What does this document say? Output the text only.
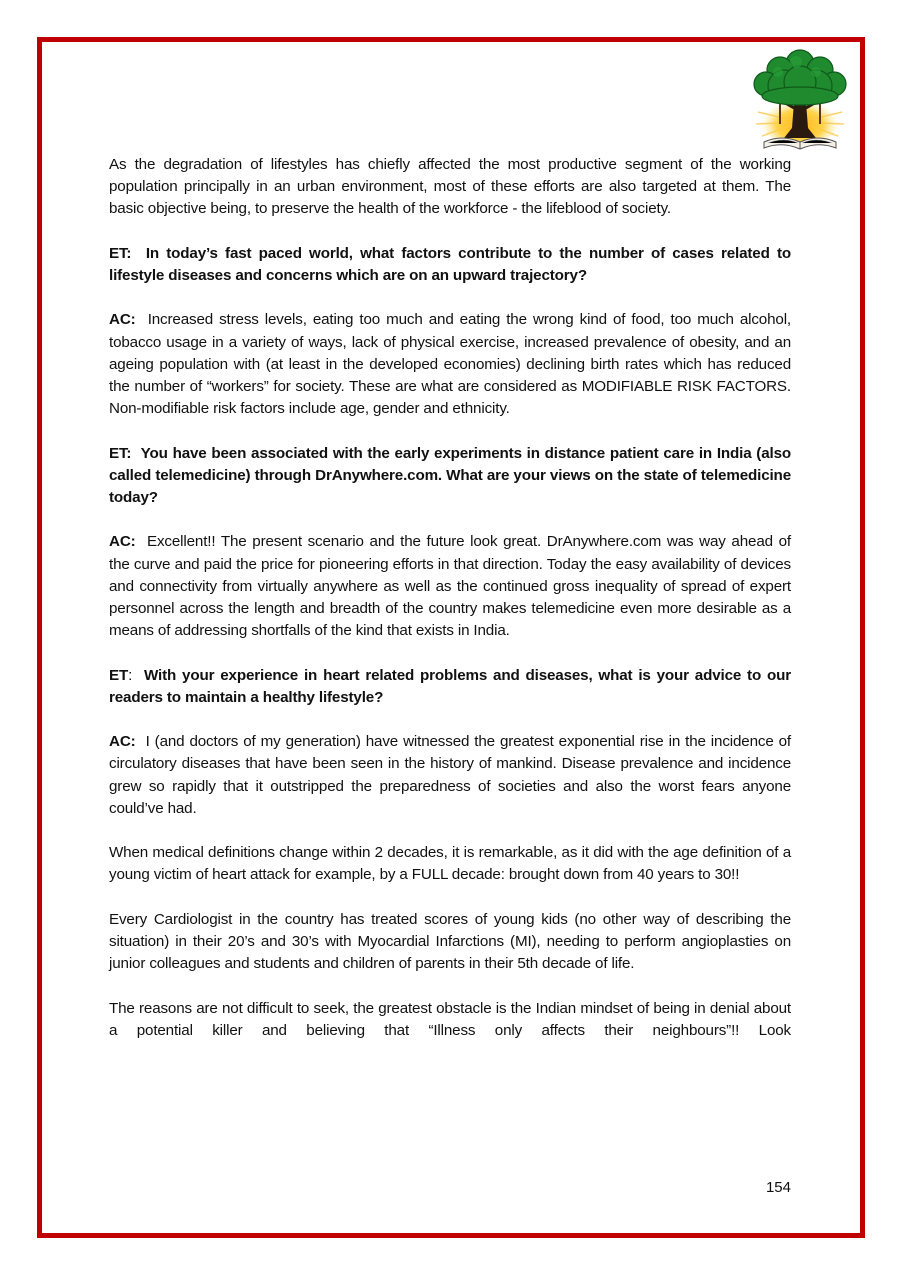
As the degradation of lifestyles has chiefly affected the most productive segment of the working population principally in an urban environment, most of these efforts are also targeted at them. The basic objective being, to preserve the health of the workforce - the lifeblood of society.

ET: In today’s fast paced world, what factors contribute to the number of cases related to lifestyle diseases and concerns which are on an upward trajectory?

AC: Increased stress levels, eating too much and eating the wrong kind of food, too much alcohol, tobacco usage in a variety of ways, lack of physical exercise, increased prevalence of obesity, and an ageing population with (at least in the developed economies) declining birth rates which has reduced the number of “workers” for society. These are what are considered as MODIFIABLE RISK FACTORS. Non-modifiable risk factors include age, gender and ethnicity.

ET: You have been associated with the early experiments in distance patient care in India (also called telemedicine) through DrAnywhere.com. What are your views on the state of telemedicine today?

AC: Excellent!! The present scenario and the future look great. DrAnywhere.com was way ahead of the curve and paid the price for pioneering efforts in that direction. Today the easy availability of devices and connectivity from virtually anywhere as well as the continued gross inequality of spread of expert personnel across the length and breadth of the country makes telemedicine even more desirable as a means of addressing shortfalls of the kind that exists in India.

ET: With your experience in heart related problems and diseases, what is your advice to our readers to maintain a healthy lifestyle?

AC: I (and doctors of my generation) have witnessed the greatest exponential rise in the incidence of circulatory diseases that have been seen in the history of mankind. Disease prevalence and incidence grew so rapidly that it outstripped the preparedness of societies and also the worst fears anyone could’ve had.

When medical definitions change within 2 decades, it is remarkable, as it did with the age definition of a young victim of heart attack for example, by a FULL decade: brought down from 40 years to 30!!

Every Cardiologist in the country has treated scores of young kids (no other way of describing the situation) in their 20’s and 30’s with Myocardial Infarctions (MI), needing to perform angioplasties on junior colleagues and students and children of parents in their 5th decade of life.

The reasons are not difficult to seek, the greatest obstacle is the Indian mindset of being in denial about a potential killer and believing that “Illness only affects their neighbours”!! Look

154
